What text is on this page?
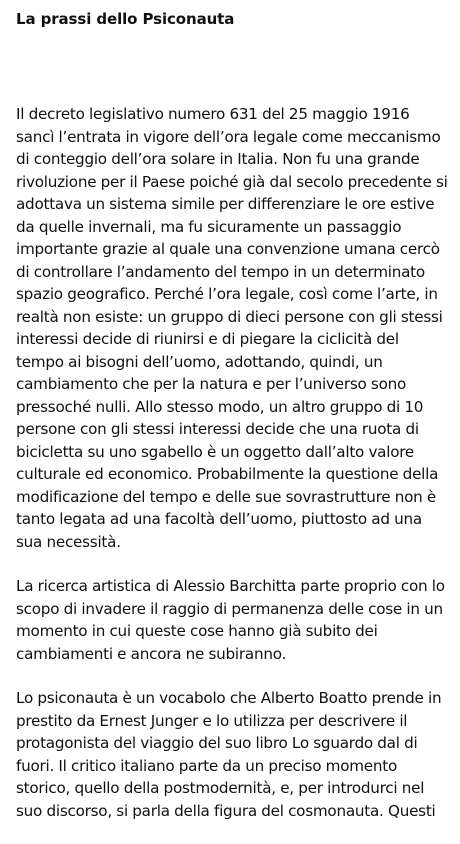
La prassi dello Psiconauta

Il decreto legislativo numero 631 del 25 maggio 1916 sancì l’entrata in vigore dell’ora legale come meccanismo di conteggio dell’ora solare in Italia. Non fu una grande rivoluzione per il Paese poiché già dal secolo precedente si adottava un sistema simile per differenziare le ore estive da quelle invernali, ma fu sicuramente un passaggio importante grazie al quale una convenzione umana cercò di controllare l’andamento del tempo in un determinato spazio geografico. Perché l’ora legale, così come l’arte, in realtà non esiste: un gruppo di dieci persone con gli stessi interessi decide di riunirsi e di piegare la ciclicità del tempo ai bisogni dell’uomo, adottando, quindi, un cambiamento che per la natura e per l’universo sono pressoché nulli. Allo stesso modo, un altro gruppo di 10 persone con gli stessi interessi decide che una ruota di bicicletta su uno sgabello è un oggetto dall’alto valore culturale ed economico. Probabilmente la questione della modificazione del tempo e delle sue sovrastrutture non è tanto legata ad una facoltà dell’uomo, piuttosto ad una sua necessità.

La ricerca artistica di Alessio Barchitta parte proprio con lo scopo di invadere il raggio di permanenza delle cose in un momento in cui queste cose hanno già subito dei cambiamenti e ancora ne subiranno.

Lo psiconauta è un vocabolo che Alberto Boatto prende in prestito da Ernest Junger e lo utilizza per descrivere il protagonista del viaggio del suo libro Lo sguardo dal di fuori. Il critico italiano parte da un preciso momento storico, quello della postmodernità, e, per introdurci nel suo discorso, si parla della figura del cosmonauta. Questi
